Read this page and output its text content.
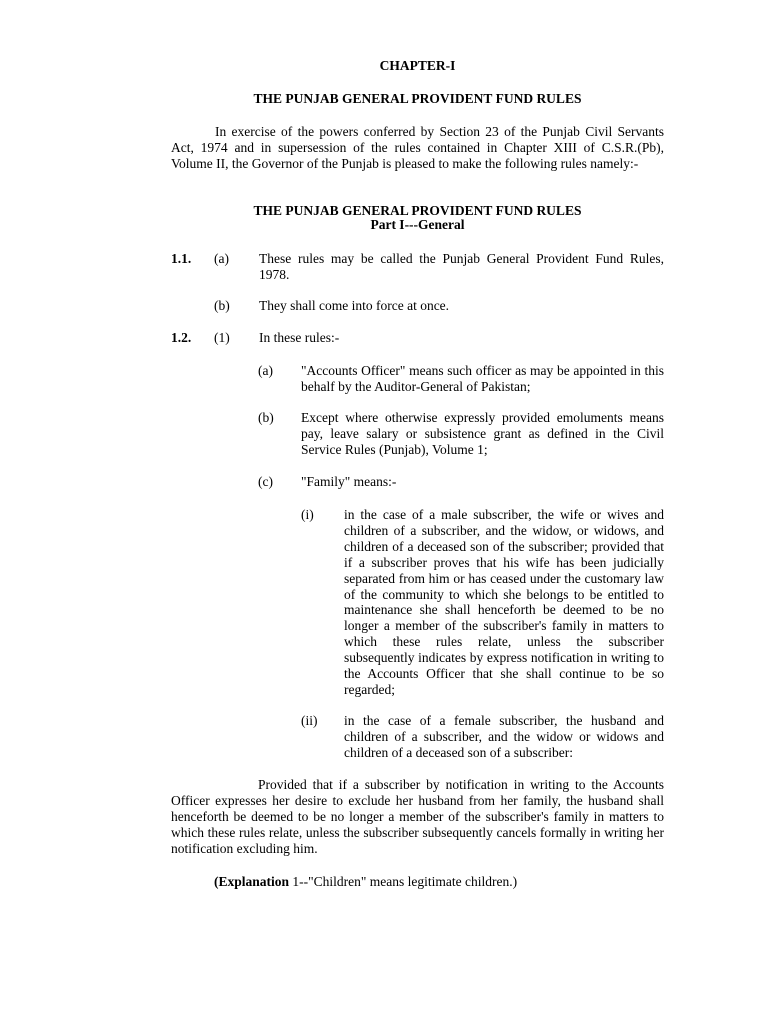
CHAPTER-I
THE PUNJAB GENERAL PROVIDENT FUND RULES
In exercise of the powers conferred by Section 23 of the Punjab Civil Servants Act, 1974 and in supersession of the rules contained in Chapter XIII of C.S.R.(Pb), Volume II, the Governor of the Punjab is pleased to make the following rules namely:-
THE PUNJAB GENERAL PROVIDENT FUND RULES
Part I---General
1.1. (a) These rules may be called the Punjab General Provident Fund Rules, 1978.
(b) They shall come into force at once.
1.2. (1) In these rules:-
(a) "Accounts Officer" means such officer as may be appointed in this behalf by the Auditor-General of Pakistan;
(b) Except where otherwise expressly provided emoluments means pay, leave salary or subsistence grant as defined in the Civil Service Rules (Punjab), Volume 1;
(c) "Family" means:-
(i) in the case of a male subscriber, the wife or wives and children of a subscriber, and the widow, or widows, and children of a deceased son of the subscriber; provided that if a subscriber proves that his wife has been judicially separated from him or has ceased under the customary law of the community to which she belongs to be entitled to maintenance she shall henceforth be deemed to be no longer a member of the subscriber's family in matters to which these rules relate, unless the subscriber subsequently indicates by express notification in writing to the Accounts Officer that she shall continue to be so regarded;
(ii) in the case of a female subscriber, the husband and children of a subscriber, and the widow or widows and children of a deceased son of a subscriber:
Provided that if a subscriber by notification in writing to the Accounts Officer expresses her desire to exclude her husband from her family, the husband shall henceforth be deemed to be no longer a member of the subscriber's family in matters to which these rules relate, unless the subscriber subsequently cancels formally in writing her notification excluding him.
(Explanation 1--"Children" means legitimate children.)
